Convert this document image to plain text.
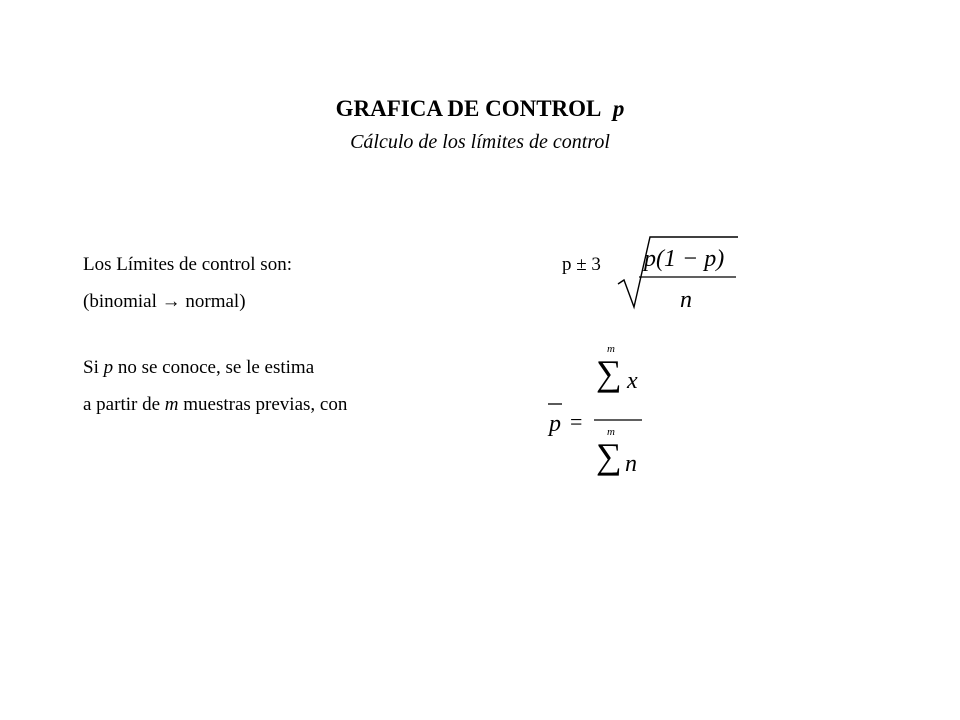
GRAFICA DE CONTROL p
Cálculo de los límites de control
Los Límites de control son:
(binomial → normal)
Si p no se conoce, se le estima
a partir de m muestras previas, con
p ± 3 p(1 − p)
n
p =
m
∑ x
m
∑ n
